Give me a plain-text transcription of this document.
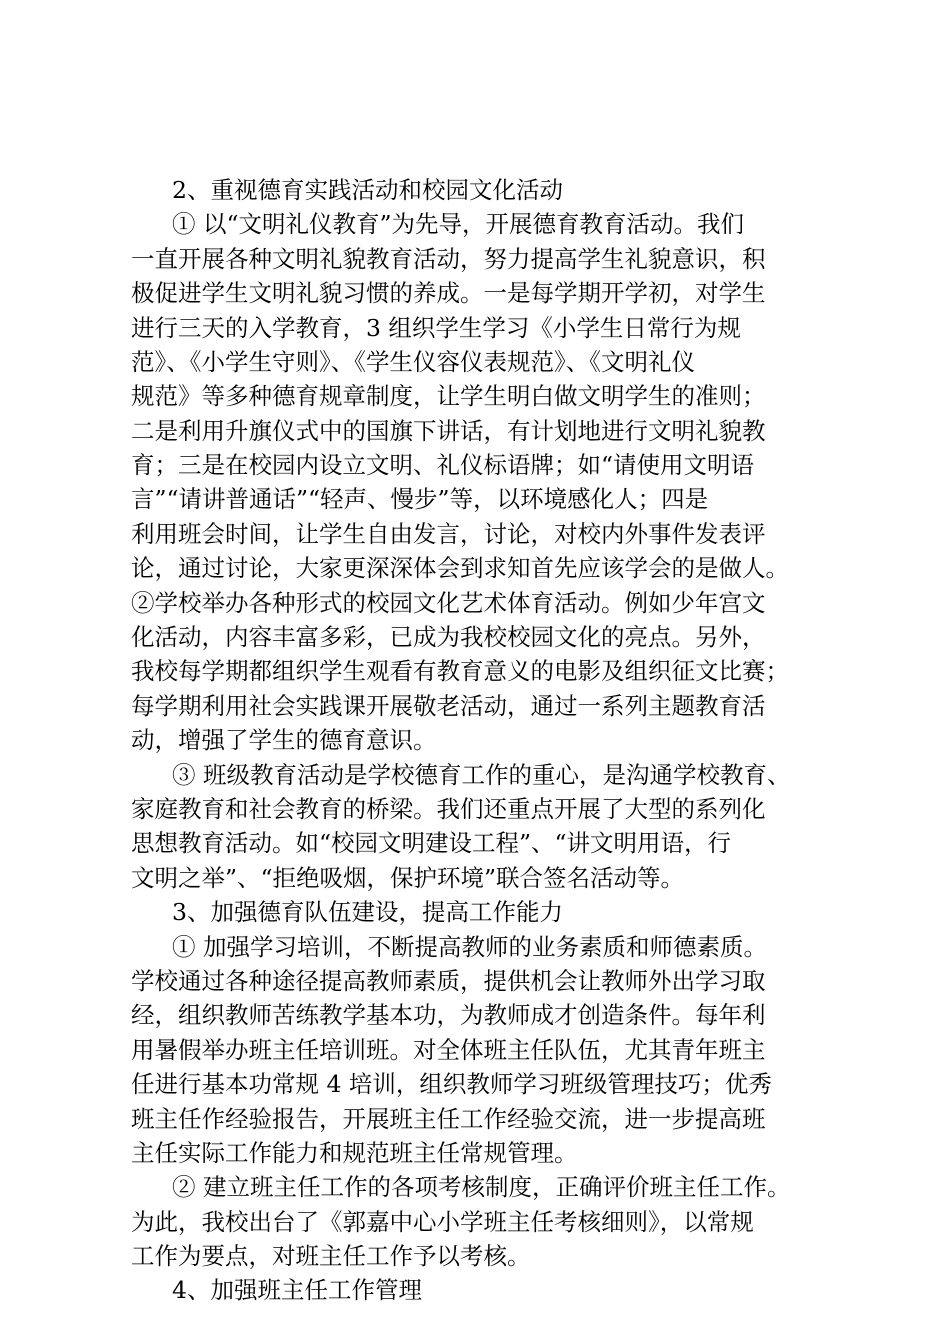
2、重视德育实践活动和校园文化活动
① 以“文明礼仪教育”为先导，开展德育教育活动。我们
一直开展各种文明礼貌教育活动，努力提高学生礼貌意识，积
极促进学生文明礼貌习惯的养成。一是每学期开学初，对学生
进行三天的入学教育，3 组织学生学习《小学生日常行为规
范》、《小学生守则》、《学生仪容仪表规范》、《文明礼仪
规范》等多种德育规章制度，让学生明白做文明学生的准则；
二是利用升旗仪式中的国旗下讲话，有计划地进行文明礼貌教
育；三是在校园内设立文明、礼仪标语牌；如“请使用文明语
言”“请讲普通话”“轻声、慢步”等，以环境感化人；四是
利用班会时间，让学生自由发言，讨论，对校内外事件发表评
论，通过讨论，大家更深深体会到求知首先应该学会的是做人。
②学校举办各种形式的校园文化艺术体育活动。例如少年宫文
化活动，内容丰富多彩，已成为我校校园文化的亮点。另外，
我校每学期都组织学生观看有教育意义的电影及组织征文比赛；
每学期利用社会实践课开展敬老活动，通过一系列主题教育活
动，增强了学生的德育意识。
③ 班级教育活动是学校德育工作的重心，是沟通学校教育、
家庭教育和社会教育的桥梁。我们还重点开展了大型的系列化
思想教育活动。如“校园文明建设工程”、“讲文明用语，行
文明之举”、“拒绝吸烟，保护环境”联合签名活动等。
3、加强德育队伍建设，提高工作能力
① 加强学习培训，不断提高教师的业务素质和师德素质。
学校通过各种途径提高教师素质，提供机会让教师外出学习取
经，组织教师苦练教学基本功，为教师成才创造条件。每年利
用暑假举办班主任培训班。对全体班主任队伍，尤其青年班主
任进行基本功常规 4 培训，组织教师学习班级管理技巧；优秀
班主任作经验报告，开展班主任工作经验交流，进一步提高班
主任实际工作能力和规范班主任常规管理。
② 建立班主任工作的各项考核制度，正确评价班主任工作。
为此，我校出台了《郭嘉中心小学班主任考核细则》，以常规
工作为要点，对班主任工作予以考核。
4、加强班主任工作管理
